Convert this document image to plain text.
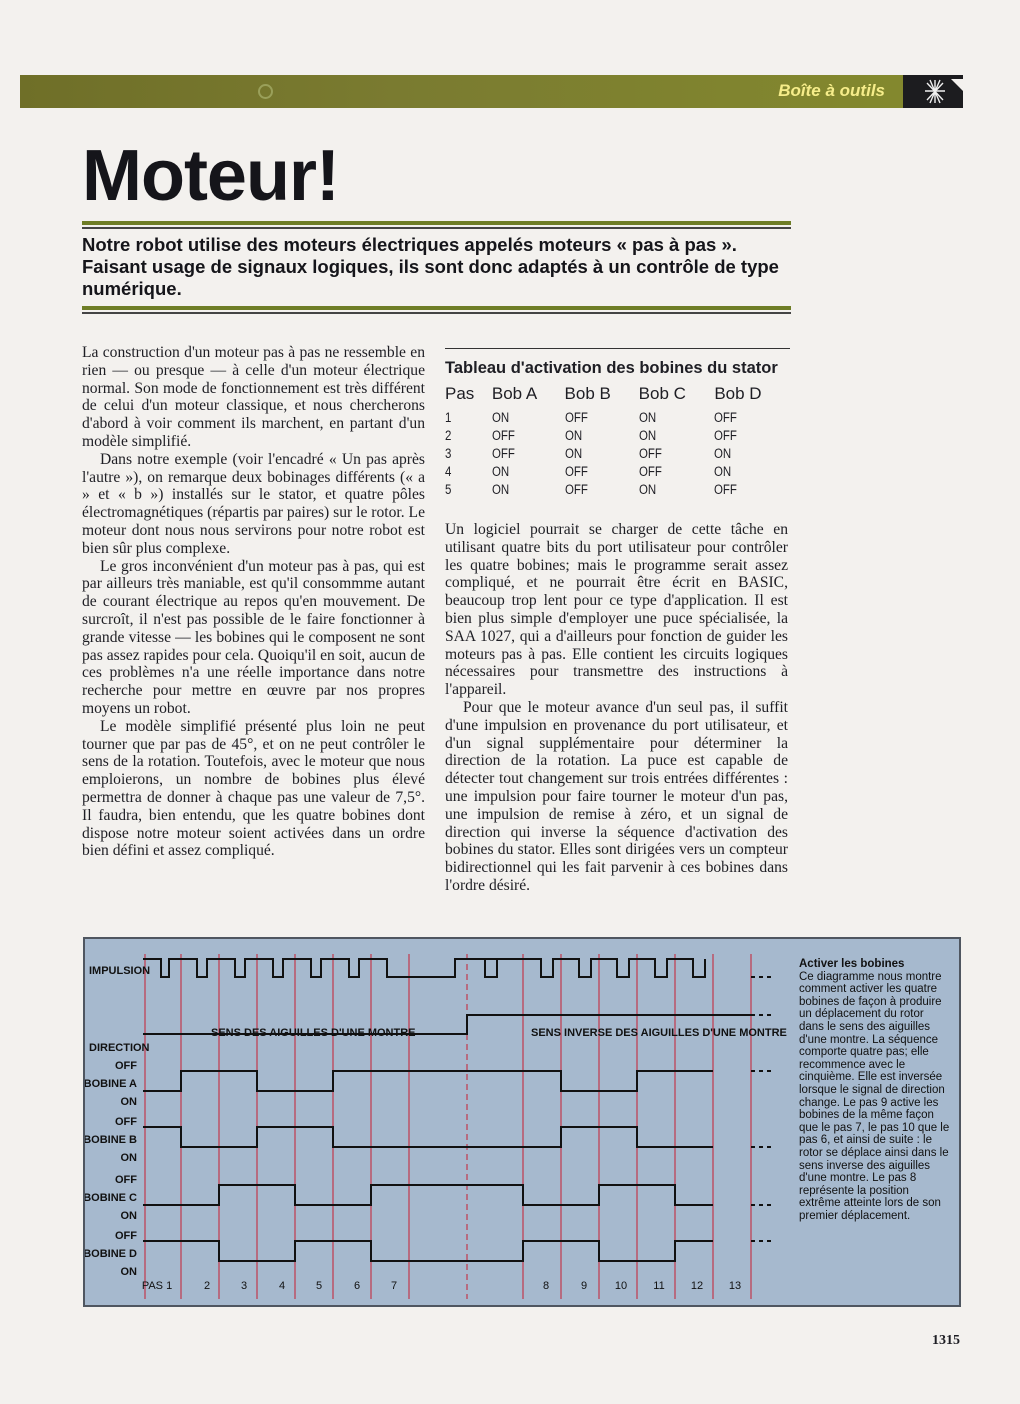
Boîte à outils
Moteur!

Notre robot utilise des moteurs électriques appelés moteurs « pas à pas ». Faisant usage de signaux logiques, ils sont donc adaptés à un contrôle de type numérique.

La construction d'un moteur pas à pas ne ressemble en rien — ou presque — à celle d'un moteur électrique normal. Son mode de fonctionnement est très différent de celui d'un moteur classique, et nous chercherons d'abord à voir comment ils marchent, en partant d'un modèle simplifié.

Dans notre exemple (voir l'encadré « Un pas après l'autre »), on remarque deux bobinages différents (« a » et « b ») installés sur le stator, et quatre pôles électromagnétiques (répartis par paires) sur le rotor. Le moteur dont nous nous servirons pour notre robot est bien sûr plus complexe.

Le gros inconvénient d'un moteur pas à pas, qui est par ailleurs très maniable, est qu'il consommme autant de courant électrique au repos qu'en mouvement. De surcroît, il n'est pas possible de le faire fonctionner à grande vitesse — les bobines qui le composent ne sont pas assez rapides pour cela. Quoiqu'il en soit, aucun de ces problèmes n'a une réelle importance dans notre recherche pour mettre en œuvre par nos propres moyens un robot.

Le modèle simplifié présenté plus loin ne peut tourner que par pas de 45°, et on ne peut contrôler le sens de la rotation. Toutefois, avec le moteur que nous emploierons, un nombre de bobines plus élevé permettra de donner à chaque pas une valeur de 7,5°. Il faudra, bien entendu, que les quatre bobines dont dispose notre moteur soient activées dans un ordre bien défini et assez compliqué.

Tableau d'activation des bobines du stator
Pas	Bob A	Bob B	Bob C	Bob D
1	ON	OFF	ON	OFF
2	OFF	ON	ON	OFF
3	OFF	ON	OFF	ON
4	ON	OFF	OFF	ON
5	ON	OFF	ON	OFF

Un logiciel pourrait se charger de cette tâche en utilisant quatre bits du port utilisateur pour contrôler les quatre bobines; mais le programme serait assez compliqué, et ne pourrait être écrit en BASIC, beaucoup trop lent pour ce type d'application. Il est bien plus simple d'employer une puce spécialisée, la SAA 1027, qui a d'ailleurs pour fonction de guider les moteurs pas à pas. Elle contient les circuits logiques nécessaires pour transmettre des instructions à l'appareil.

Pour que le moteur avance d'un seul pas, il suffit d'une impulsion en provenance du port utilisateur, et d'un signal supplémentaire pour déterminer la direction de la rotation. La puce est capable de détecter tout changement sur trois entrées différentes : une impulsion pour faire tourner le moteur d'un pas, une impulsion de remise à zéro, et un signal de direction qui inverse la séquence d'activation des bobines du stator. Elles sont dirigées vers un compteur bidirectionnel qui les fait parvenir à ces bobines dans l'ordre désiré.

IMPULSION
DIRECTION
OFF
BOBINE A
ON
OFF
BOBINE B
ON
OFF
BOBINE C
ON
OFF
BOBINE D
ON
SENS DES AIGUILLES D'UNE MONTRE	SENS INVERSE DES AIGUILLES D'UNE MONTRE
PAS 1	2	3	4	5	6	7	8	9	10 11 12 13
Activer les bobines
Ce diagramme nous montre comment activer les quatre bobines de façon à produire un déplacement du rotor dans le sens des aiguilles d'une montre. La séquence comporte quatre pas; elle recommence avec le cinquième. Elle est inversée lorsque le signal de direction change. Le pas 9 active les bobines de la même façon que le pas 7, le pas 10 que le pas 6, et ainsi de suite : le rotor se déplace ainsi dans le sens inverse des aiguilles d'une montre. Le pas 8 représente la position extrême atteinte lors de son premier déplacement.
1315
